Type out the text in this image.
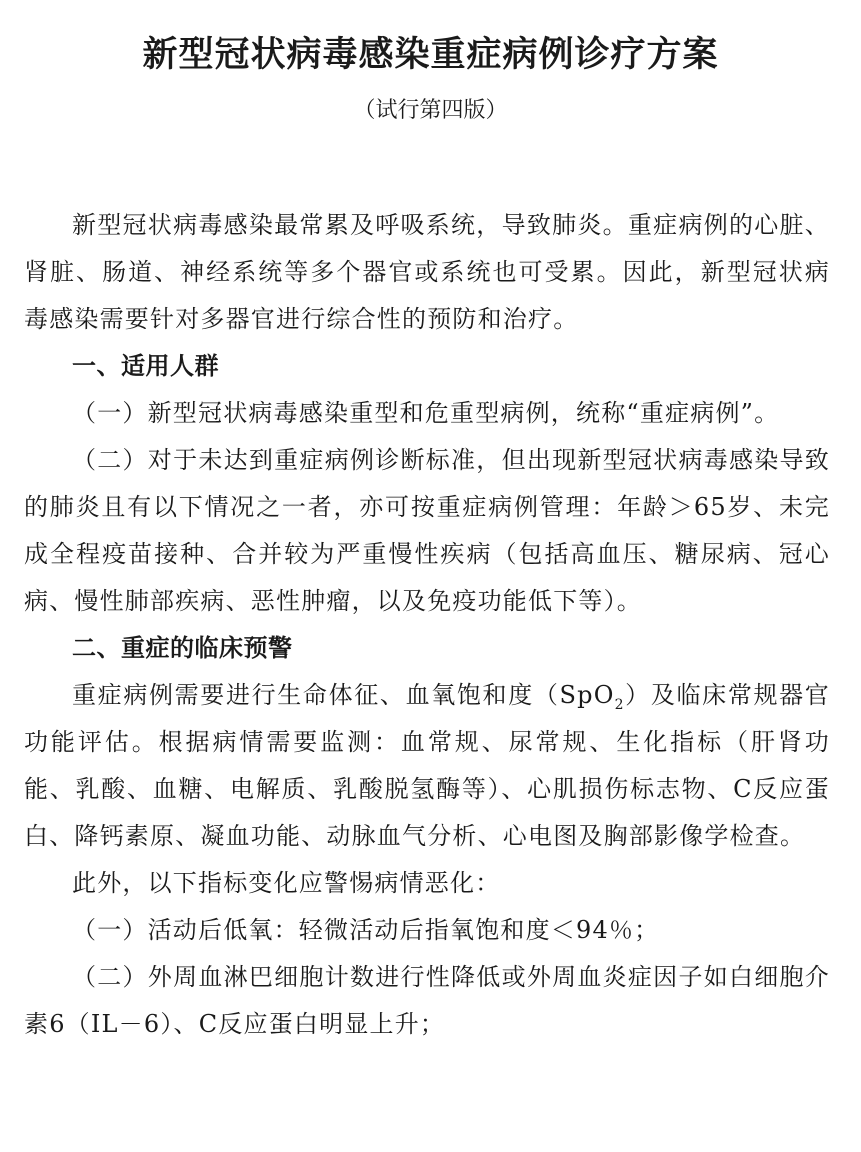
新型冠状病毒感染重症病例诊疗方案
（试行第四版）

新型冠状病毒感染最常累及呼吸系统，导致肺炎。重症病例的心脏、肾脏、肠道、神经系统等多个器官或系统也可受累。因此，新型冠状病毒感染需要针对多器官进行综合性的预防和治疗。

一、适用人群

（一）新型冠状病毒感染重型和危重型病例，统称“重症病例”。

（二）对于未达到重症病例诊断标准，但出现新型冠状病毒感染导致的肺炎且有以下情况之一者，亦可按重症病例管理：年龄＞65岁、未完成全程疫苗接种、合并较为严重慢性疾病（包括高血压、糖尿病、冠心病、慢性肺部疾病、恶性肿瘤，以及免疫功能低下等）。

二、重症的临床预警

重症病例需要进行生命体征、血氧饱和度（SpO$_2$）及临床常规器官功能评估。根据病情需要监测：血常规、尿常规、生化指标（肝肾功能、乳酸、血糖、电解质、乳酸脱氢酶等）、心肌损伤标志物、C反应蛋白、降钙素原、凝血功能、动脉血气分析、心电图及胸部影像学检查。

此外，以下指标变化应警惕病情恶化：

（一）活动后低氧：轻微活动后指氧饱和度＜94％；

（二）外周血淋巴细胞计数进行性降低或外周血炎症因子如白细胞介素6（IL－6）、C反应蛋白明显上升；
